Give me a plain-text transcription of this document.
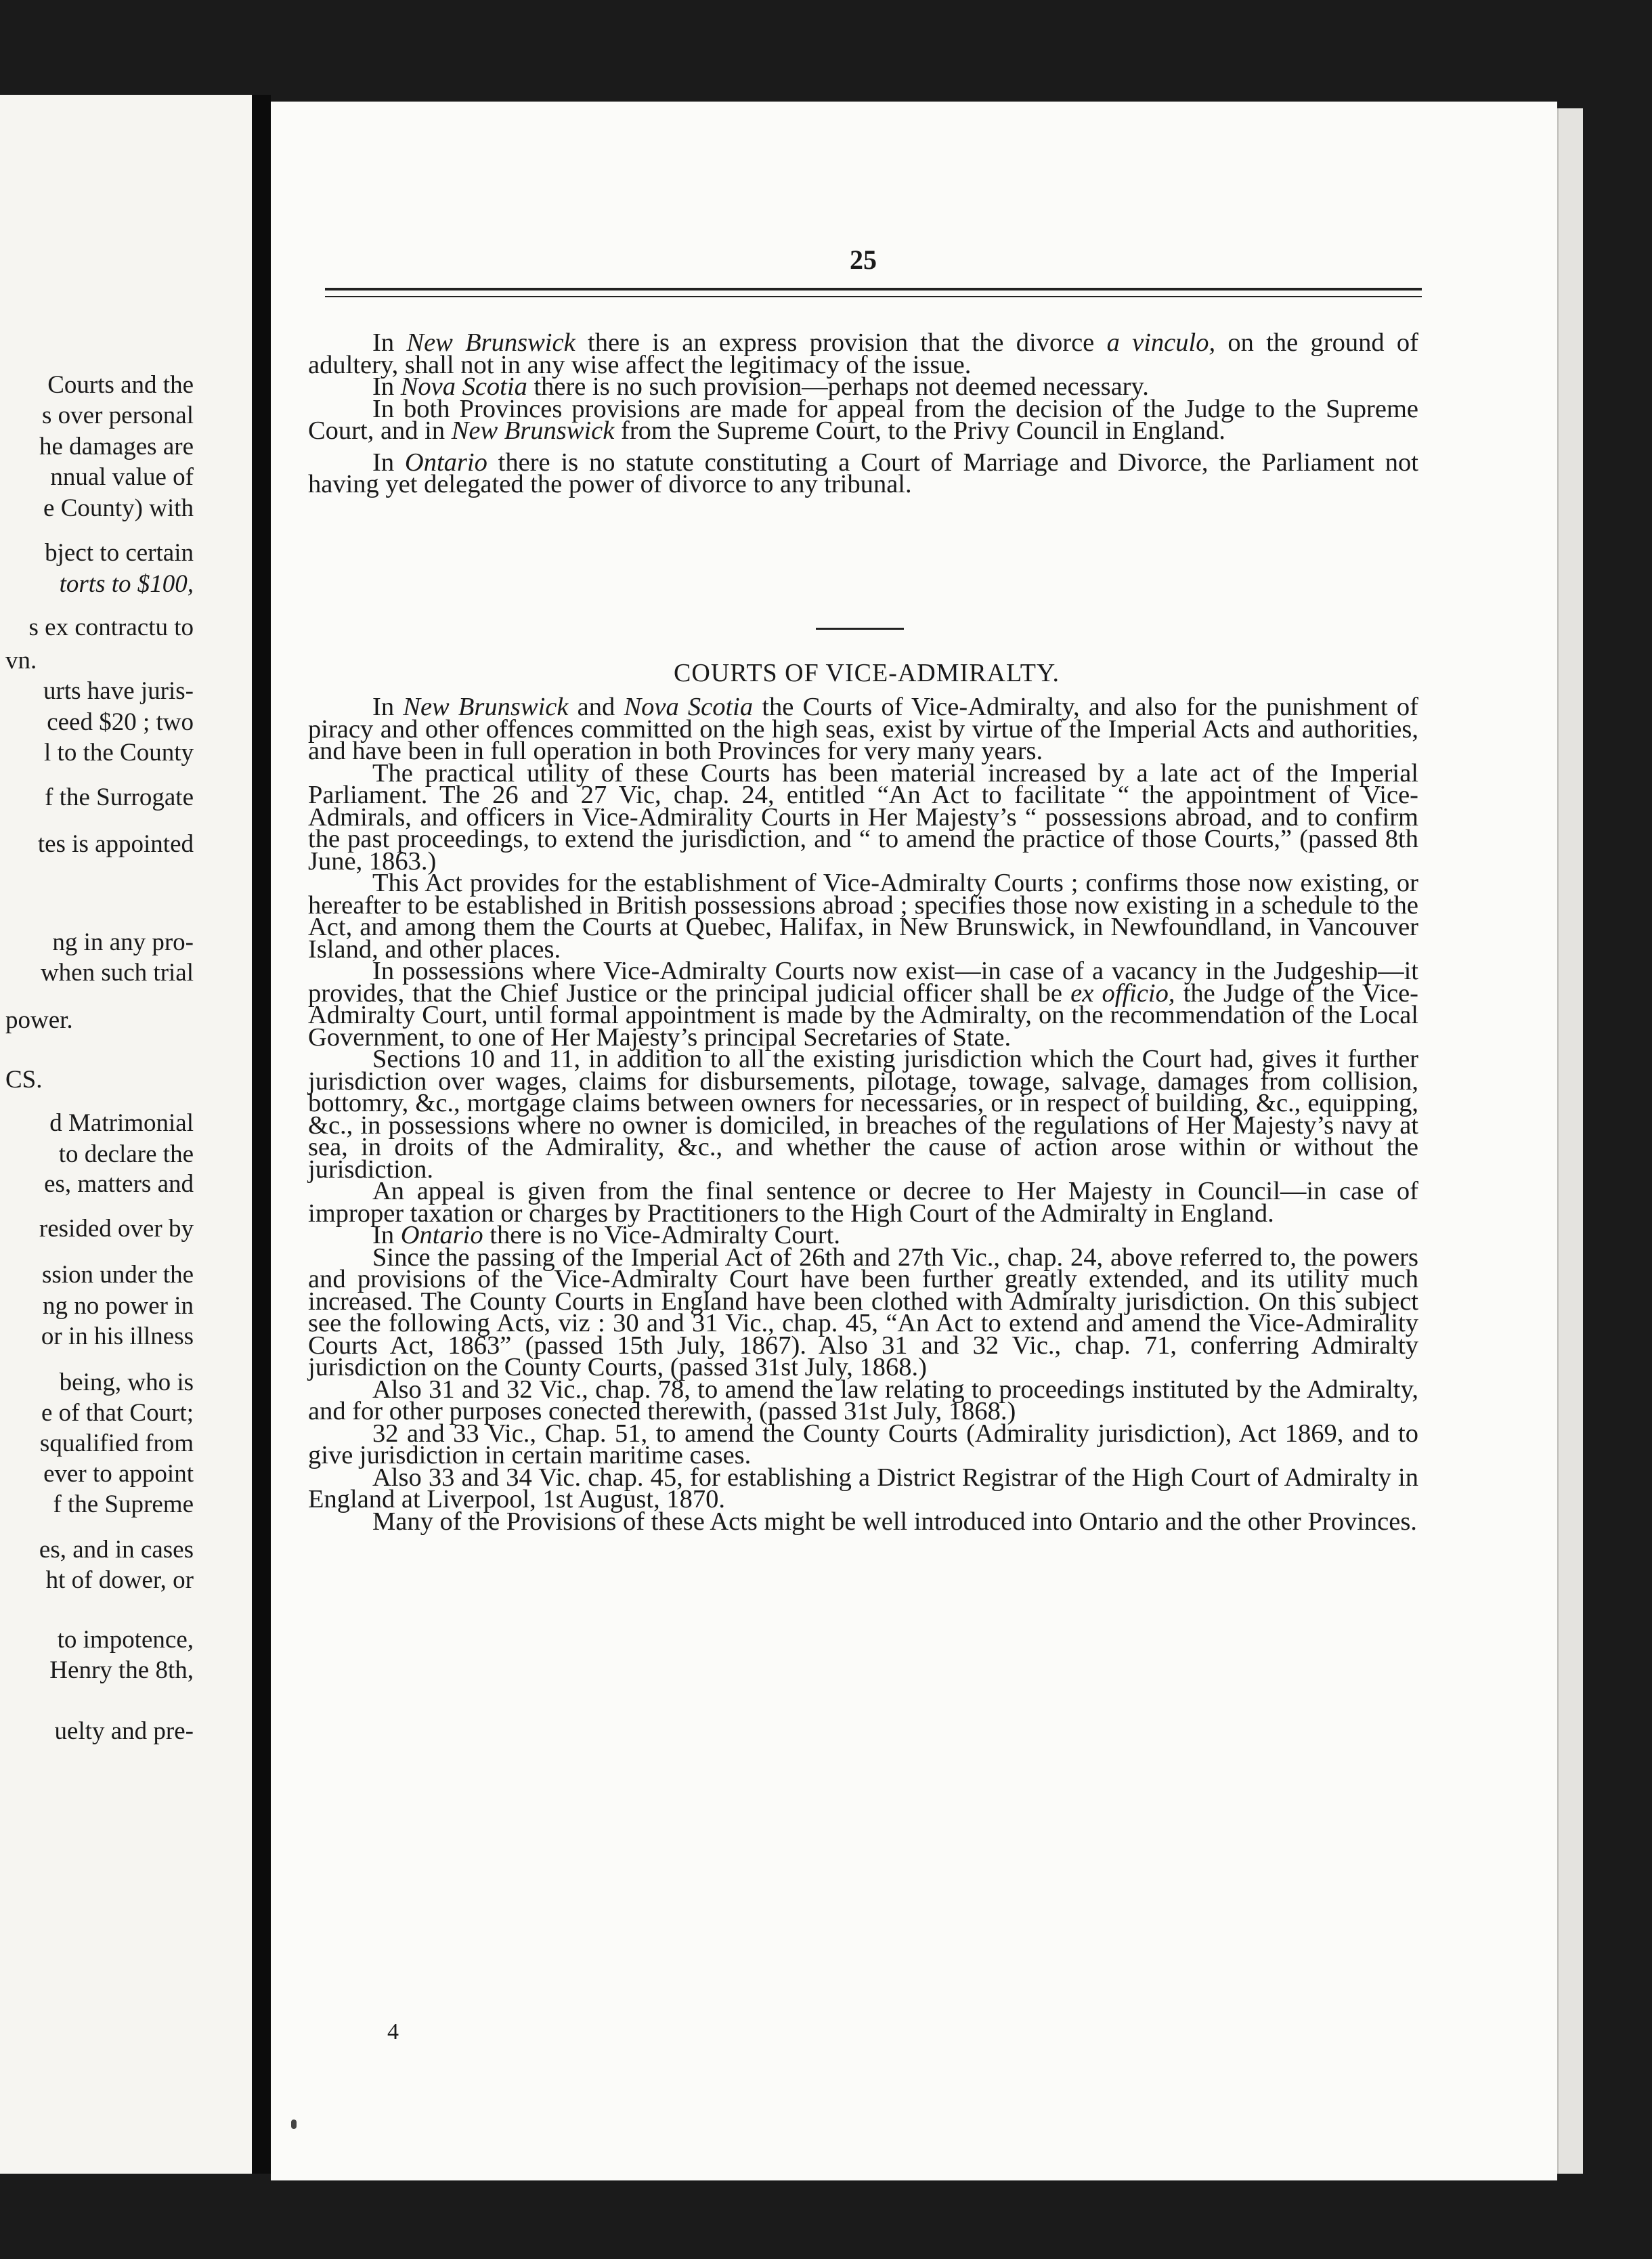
Courts and the
s over personal
he damages are
nnual value of
e County) with
bject to certain
torts to $100,
s ex contractu to
vn.
urts have juris-
ceed $20 ; two
l to the County
f the Surrogate
tes is appointed
ng in any pro-
when such trial
power.
CS.
d Matrimonial
to declare the
es, matters and
resided over by
ssion under the
ng no power in
or in his illness
being, who is
e of that Court;
squalified from
ever to appoint
f the Supreme
es, and in cases
ht of dower, or
to impotence,
Henry the 8th,
uelty and pre-
25

In New Brunswick there is an express provision that the divorce a vinculo, on the ground of adultery, shall not in any wise affect the legitimacy of the issue.

In Nova Scotia there is no such provision—perhaps not deemed necessary.

In both Provinces provisions are made for appeal from the decision of the Judge to the Supreme Court, and in New Brunswick from the Supreme Court, to the Privy Council in England.

In Ontario there is no statute constituting a Court of Marriage and Divorce, the Parliament not having yet delegated the power of divorce to any tribunal.

COURTS OF VICE-ADMIRALTY.

In New Brunswick and Nova Scotia the Courts of Vice-Admiralty, and also for the punishment of piracy and other offences committed on the high seas, exist by virtue of the Imperial Acts and authorities, and have been in full operation in both Provinces for very many years.

The practical utility of these Courts has been material increased by a late act of the Imperial Parliament. The 26 and 27 Vic, chap. 24, entitled “An Act to facilitate “ the appointment of Vice-Admirals, and officers in Vice-Admirality Courts in Her Majesty’s “ possessions abroad, and to confirm the past proceedings, to extend the jurisdiction, and “ to amend the practice of those Courts,” (passed 8th June, 1863.)

This Act provides for the establishment of Vice-Admiralty Courts ; confirms those now existing, or hereafter to be established in British possessions abroad ; specifies those now existing in a schedule to the Act, and among them the Courts at Quebec, Halifax, in New Brunswick, in Newfoundland, in Vancouver Island, and other places.

In possessions where Vice-Admiralty Courts now exist—in case of a vacancy in the Judgeship—it provides, that the Chief Justice or the principal judicial officer shall be ex officio, the Judge of the Vice-Admiralty Court, until formal appointment is made by the Admiralty, on the recommendation of the Local Government, to one of Her Majesty’s principal Secretaries of State.

Sections 10 and 11, in addition to all the existing jurisdiction which the Court had, gives it further jurisdiction over wages, claims for disbursements, pilotage, towage, salvage, damages from collision, bottomry, &c., mortgage claims between owners for necessaries, or in respect of building, &c., equipping, &c., in possessions where no owner is domiciled, in breaches of the regulations of Her Majesty’s navy at sea, in droits of the Admirality, &c., and whether the cause of action arose within or without the jurisdiction.

An appeal is given from the final sentence or decree to Her Majesty in Council—in case of improper taxation or charges by Practitioners to the High Court of the Admiralty in England.

In Ontario there is no Vice-Admiralty Court.

Since the passing of the Imperial Act of 26th and 27th Vic., chap. 24, above referred to, the powers and provisions of the Vice-Admiralty Court have been further greatly extended, and its utility much increased. The County Courts in England have been clothed with Admiralty jurisdiction. On this subject see the following Acts, viz : 30 and 31 Vic., chap. 45, “An Act to extend and amend the Vice-Admirality Courts Act, 1863” (passed 15th July, 1867). Also 31 and 32 Vic., chap. 71, conferring Admiralty jurisdiction on the County Courts, (passed 31st July, 1868.)

Also 31 and 32 Vic., chap. 78, to amend the law relating to proceedings instituted by the Admiralty, and for other purposes conected therewith, (passed 31st July, 1868.)

32 and 33 Vic., Chap. 51, to amend the County Courts (Admirality jurisdiction), Act 1869, and to give jurisdiction in certain maritime cases.

Also 33 and 34 Vic. chap. 45, for establishing a District Registrar of the High Court of Admiralty in England at Liverpool, 1st August, 1870.

Many of the Provisions of these Acts might be well introduced into Ontario and the other Provinces.

4
